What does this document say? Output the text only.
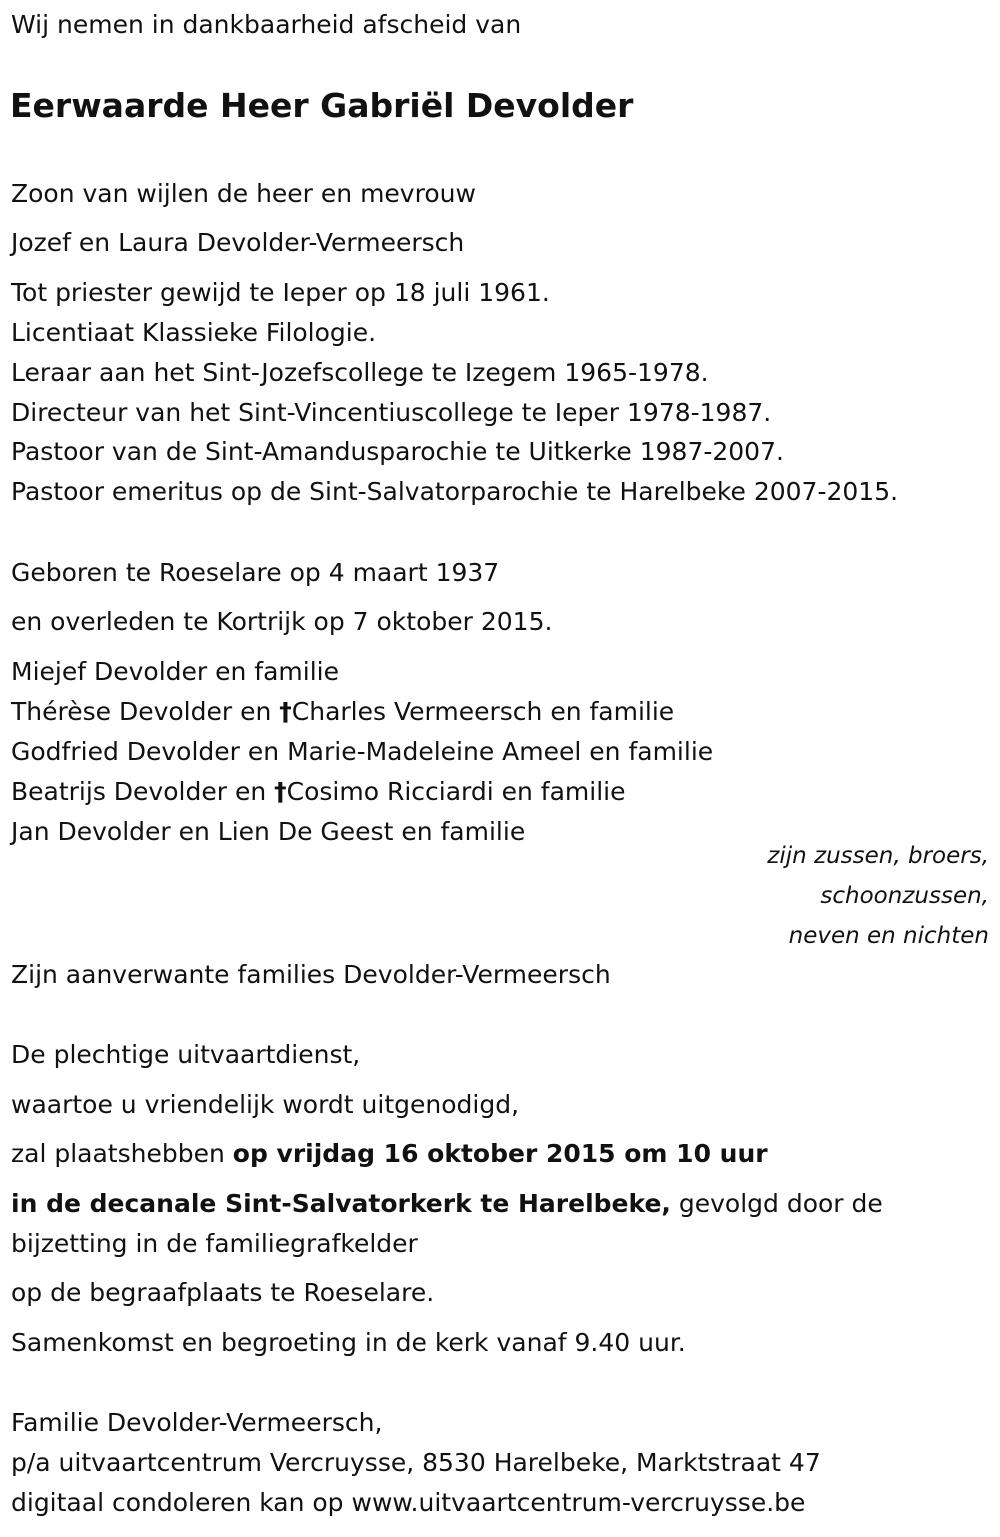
Wij nemen in dankbaarheid afscheid van

Eerwaarde Heer Gabriël Devolder

Zoon van wijlen de heer en mevrouw

Jozef en Laura Devolder-Vermeersch

Tot priester gewijd te Ieper op 18 juli 1961.

Licentiaat Klassieke Filologie.

Leraar aan het Sint-Jozefscollege te Izegem 1965-1978.

Directeur van het Sint-Vincentiuscollege te Ieper 1978-1987.

Pastoor van de Sint-Amandusparochie te Uitkerke 1987-2007.

Pastoor emeritus op de Sint-Salvatorparochie te Harelbeke 2007-2015.

Geboren te Roeselare op 4 maart 1937

en overleden te Kortrijk op 7 oktober 2015.

Miejef Devolder en familie

Thérèse Devolder en †Charles Vermeersch en familie

Godfried Devolder en Marie-Madeleine Ameel en familie

Beatrijs Devolder en †Cosimo Ricciardi en familie

Jan Devolder en Lien De Geest en familie

zijn zussen, broers,

schoonzussen,

neven en nichten

Zijn aanverwante families Devolder-Vermeersch

De plechtige uitvaartdienst,

waartoe u vriendelijk wordt uitgenodigd,

zal plaatshebben op vrijdag 16 oktober 2015 om 10 uur

in de decanale Sint-Salvatorkerk te Harelbeke, gevolgd door de

bijzetting in de familiegrafkelder

op de begraafplaats te Roeselare.

Samenkomst en begroeting in de kerk vanaf 9.40 uur.

Familie Devolder-Vermeersch,

p/a uitvaartcentrum Vercruysse, 8530 Harelbeke, Marktstraat 47

digitaal condoleren kan op www.uitvaartcentrum-vercruysse.be
